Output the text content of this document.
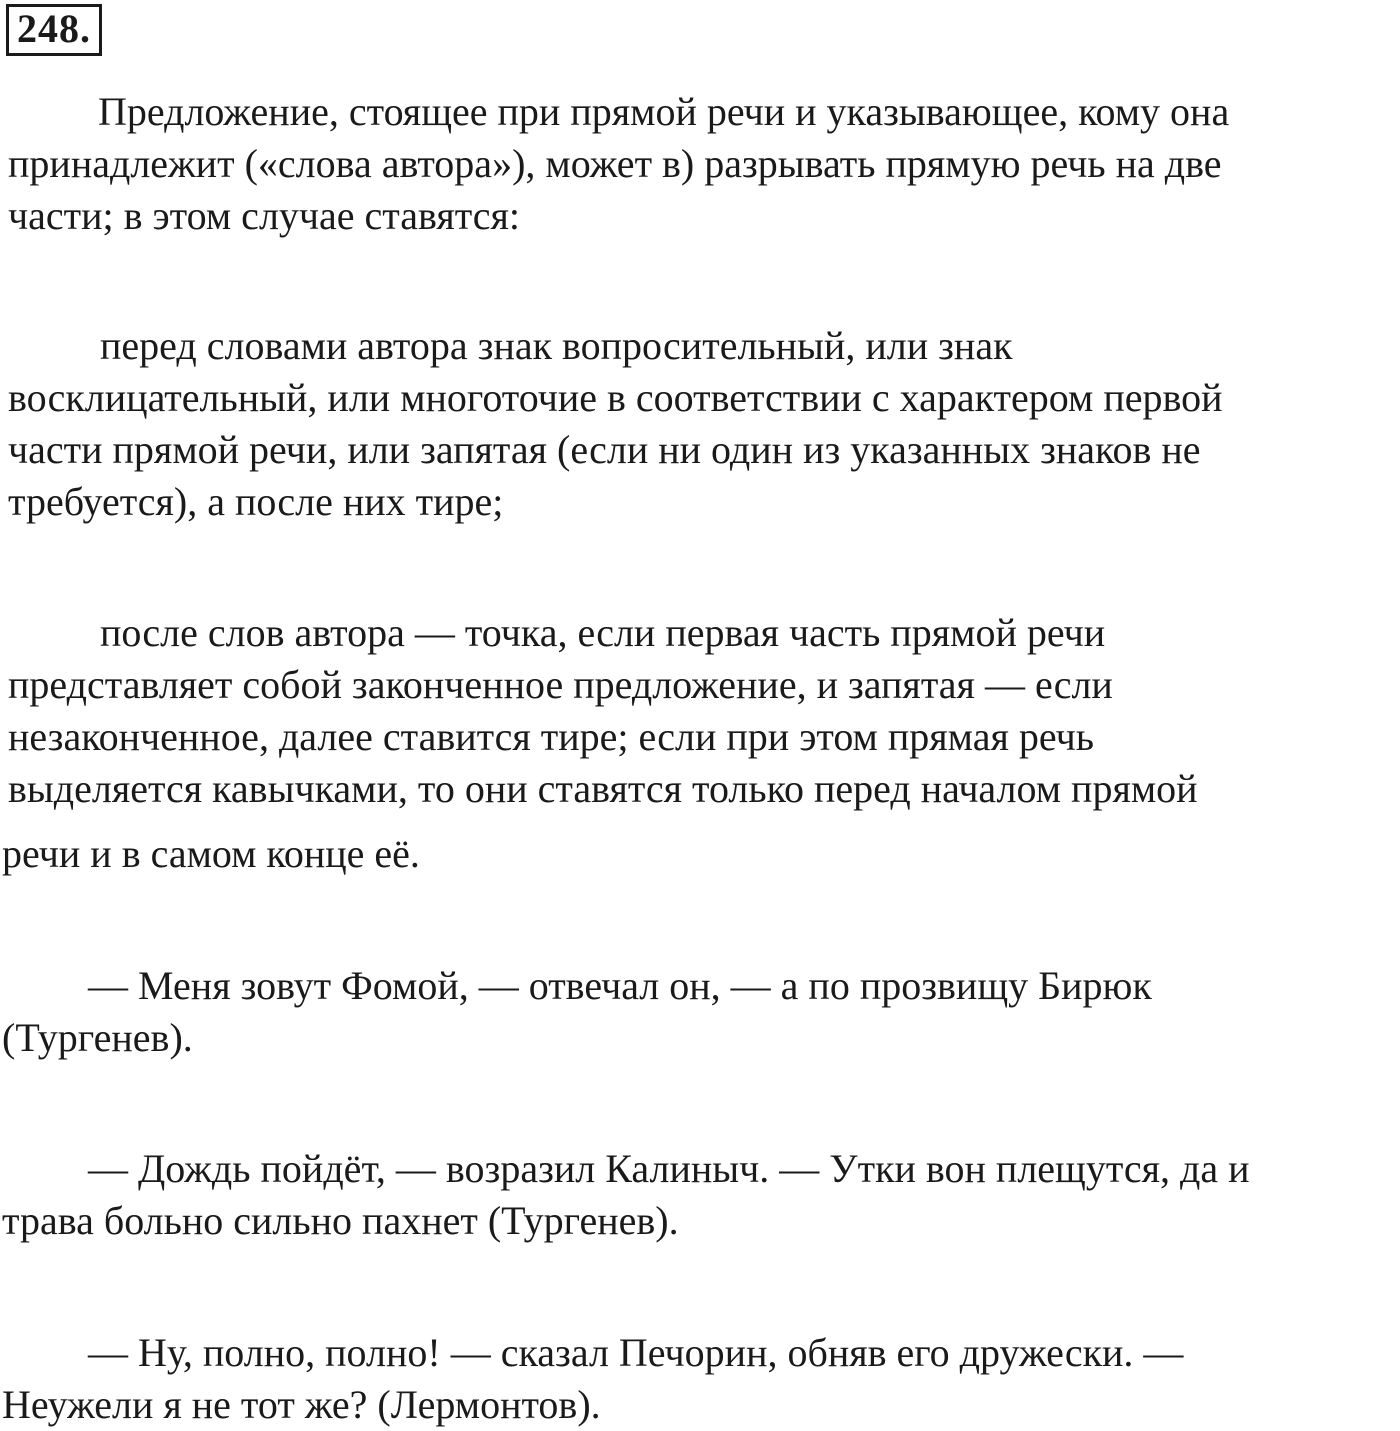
248.
Предложение, стоящее при прямой речи и указывающее, кому она
принадлежит («слова автора»), может в) разрывать прямую речь на две
части; в этом случае ставятся:
перед словами автора знак вопросительный, или знак
восклицательный, или многоточие в соответствии с характером первой
части прямой речи, или запятая (если ни один из указанных знаков не
требуется), а после них тире;
после слов автора — точка, если первая часть прямой речи
представляет собой законченное предложение, и запятая — если
незаконченное, далее ставится тире; если при этом прямая речь
выделяется кавычками, то они ставятся только перед началом прямой
речи и в самом конце её.
— Меня зовут Фомой, — отвечал он, — а по прозвищу Бирюк
(Тургенев).
— Дождь пойдёт, — возразил Калиныч. — Утки вон плещутся, да и
трава больно сильно пахнет (Тургенев).
— Ну, полно, полно! — сказал Печорин, обняв его дружески. —
Неужели я не тот же? (Лермонтов).
